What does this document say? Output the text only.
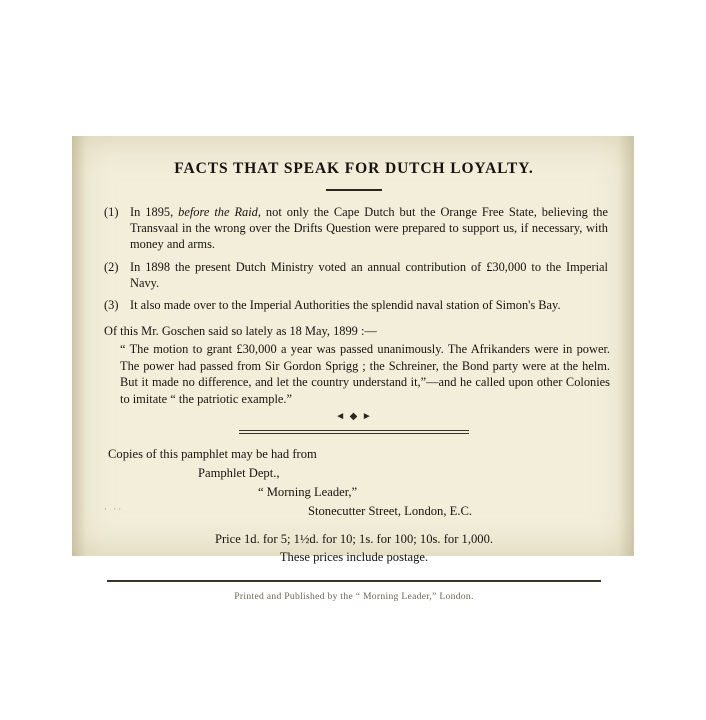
FACTS THAT SPEAK FOR DUTCH LOYALTY.
(1) In 1895, before the Raid, not only the Cape Dutch but the Orange Free State, believing the Transvaal in the wrong over the Drifts Question were prepared to support us, if necessary, with money and arms.
(2) In 1898 the present Dutch Ministry voted an annual contribution of £30,000 to the Imperial Navy.
(3) It also made over to the Imperial Authorities the splendid naval station of Simon's Bay.
Of this Mr. Goschen said so lately as 18 May, 1899 :—
“ The motion to grant £30,000 a year was passed unanimously. The Afrikanders were in power. The power had passed from Sir Gordon Sprigg ; the Schreiner, the Bond party were at the helm. But it made no difference, and let the country understand it,”—and he called upon other Colonies to imitate “ the patriotic example.”
◄ ◆ ►
Copies of this pamphlet may be had from
Pamphlet Dept.,
“ Morning Leader,”
Stonecutter Street, London, E.C.
Price 1d. for 5; 1½d. for 10; 1s. for 100; 10s. for 1,000.
These prices include postage.
Printed and Published by the “ Morning Leader,” London.
· ··
